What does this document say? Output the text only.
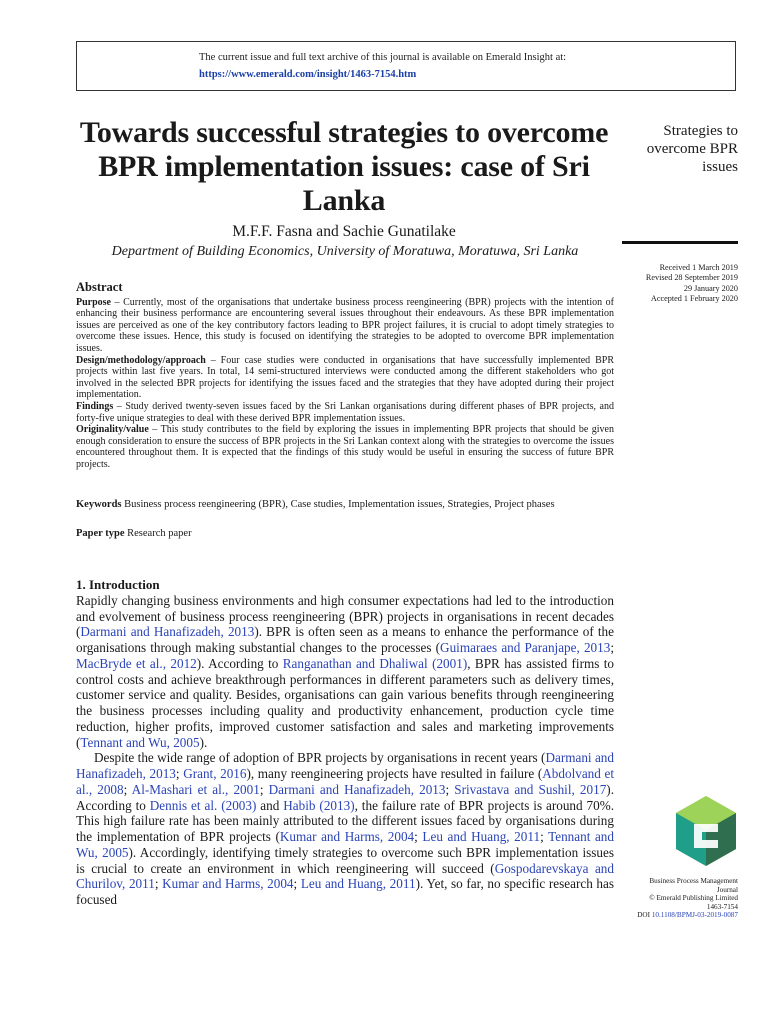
The current issue and full text archive of this journal is available on Emerald Insight at:
https://www.emerald.com/insight/1463-7154.htm
Towards successful strategies to overcome BPR implementation issues: case of Sri Lanka
M.F.F. Fasna and Sachie Gunatilake
Department of Building Economics, University of Moratuwa, Moratuwa, Sri Lanka
Strategies to
overcome BPR
issues
Received 1 March 2019
Revised 28 September 2019
29 January 2020
Accepted 1 February 2020
Abstract

Purpose – Currently, most of the organisations that undertake business process reengineering (BPR) projects with the intention of enhancing their business performance are encountering several issues throughout their endeavours. As these BPR implementation issues are perceived as one of the key contributory factors leading to BPR project failures, it is crucial to adopt timely strategies to overcome these issues. Hence, this study is focused on identifying the strategies to be adopted to overcome BPR implementation issues.

Design/methodology/approach – Four case studies were conducted in organisations that have successfully implemented BPR projects within last five years. In total, 14 semi-structured interviews were conducted among the different stakeholders who got involved in the selected BPR projects for identifying the issues faced and the strategies that they have adopted during their project implementation.

Findings – Study derived twenty-seven issues faced by the Sri Lankan organisations during different phases of BPR projects, and forty-five unique strategies to deal with these derived BPR implementation issues.

Originality/value – This study contributes to the field by exploring the issues in implementing BPR projects that should be given enough consideration to ensure the success of BPR projects in the Sri Lankan context along with the strategies to overcome the issues encountered throughout them. It is expected that the findings of this study would be useful in ensuring the success of future BPR projects.

Keywords Business process reengineering (BPR), Case studies, Implementation issues, Strategies, Project phases
Paper type Research paper
1. Introduction

Rapidly changing business environments and high consumer expectations had led to the introduction and evolvement of business process reengineering (BPR) projects in organisations in recent decades (Darmani and Hanafizadeh, 2013). BPR is often seen as a means to enhance the performance of the organisations through making substantial changes to the processes (Guimaraes and Paranjape, 2013; MacBryde et al., 2012). According to Ranganathan and Dhaliwal (2001), BPR has assisted firms to control costs and achieve breakthrough performances in different parameters such as delivery times, customer service and quality. Besides, organisations can gain various benefits through reengineering the business processes including quality and productivity enhancement, production cycle time reduction, higher profits, improved customer satisfaction and sales and marketing improvements (Tennant and Wu, 2005).

Despite the wide range of adoption of BPR projects by organisations in recent years (Darmani and Hanafizadeh, 2013; Grant, 2016), many reengineering projects have resulted in failure (Abdolvand et al., 2008; Al-Mashari et al., 2001; Darmani and Hanafizadeh, 2013; Srivastava and Sushil, 2017). According to Dennis et al. (2003) and Habib (2013), the failure rate of BPR projects is around 70%. This high failure rate has been mainly attributed to the different issues faced by organisations during the implementation of BPR projects (Kumar and Harms, 2004; Leu and Huang, 2011; Tennant and Wu, 2005). Accordingly, identifying timely strategies to overcome such BPR implementation issues is crucial to create an environment in which reengineering will succeed (Gospodarevskaya and Churilov, 2011; Kumar and Harms, 2004; Leu and Huang, 2011). Yet, so far, no specific research has focused

Business Process Management
Journal
© Emerald Publishing Limited
1463-7154
DOI 10.1108/BPMJ-03-2019-0087
